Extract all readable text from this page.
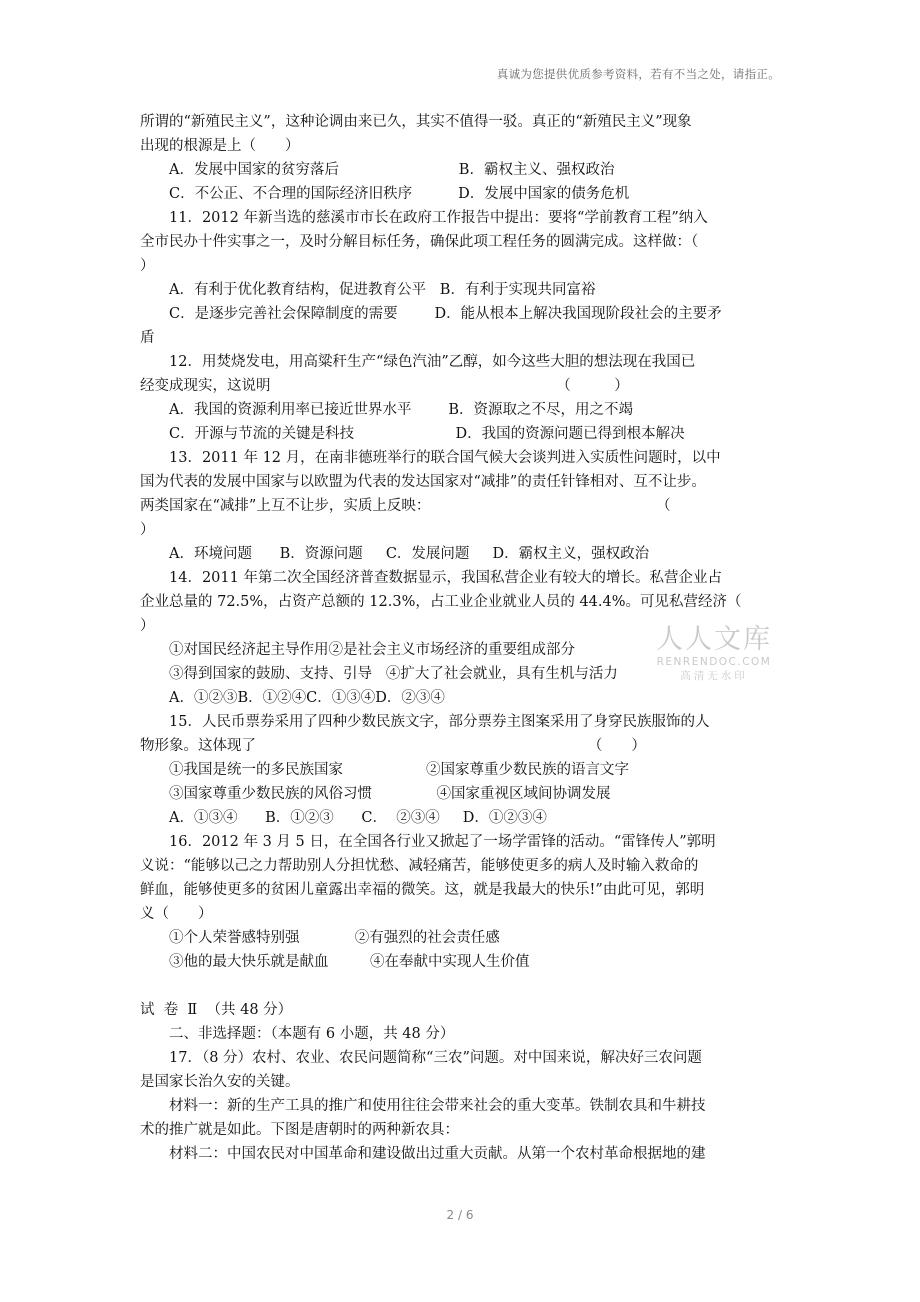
真诚为您提供优质参考资料，若有不当之处，请指正。
所谓的“新殖民主义”，这种论调由来已久，其实不值得一驳。真正的“新殖民主义”现象
出现的根源是上（　　）
A．发展中国家的贫穷落后                          B．霸权主义、强权政治
C．不公正、不合理的国际经济旧秩序          D．发展中国家的债务危机
11．2012 年新当选的慈溪市市长在政府工作报告中提出：要将“学前教育工程”纳入
全市民办十件实事之一，及时分解目标任务，确保此项工程任务的圆满完成。这样做：（
）
A．有利于优化教育结构，促进教育公平   B．有利于实现共同富裕
C．是逐步完善社会保障制度的需要        D．能从根本上解决我国现阶段社会的主要矛
盾
12．用焚烧发电，用高粱秆生产“绿色汽油”乙醇，如今这些大胆的想法现在我国已
经变成现实，这说明                                                              （　　　）
A．我国的资源利用率已接近世界水平        B．资源取之不尽，用之不竭
C．开源与节流的关键是科技                      D．我国的资源问题已得到根本解决
13．2011 年 12 月，在南非德班举行的联合国气候大会谈判进入实质性问题时，以中
国为代表的发展中国家与以欧盟为代表的发达国家对“减排”的责任针锋相对、互不让步。
两类国家在“减排”上互不让步，实质上反映：                                                 （
）
A．环境问题      B．资源问题     C．发展问题     D．霸权主义，强权政治
14．2011 年第二次全国经济普查数据显示，我国私营企业有较大的增长。私营企业占
企业总量的 72.5%，占资产总额的 12.3%，占工业企业就业人员的 44.4%。可见私营经济（
）
①对国民经济起主导作用②是社会主义市场经济的重要组成部分
③得到国家的鼓励、支持、引导   ④扩大了社会就业，具有生机与活力
A．①②③B．①②④C．①③④D．②③④
15．人民币票券采用了四种少数民族文字，部分票券主图案采用了身穿民族服饰的人
物形象。这体现了                                                                        （　　）
①我国是统一的多民族国家                  ②国家尊重少数民族的语言文字
③国家尊重少数民族的风俗习惯              ④国家重视区域间协调发展
A．①③④      B．①②③      C．  ②③④     D．①②③④
16．2012 年 3 月 5 日，在全国各行业又掀起了一场学雷锋的活动。“雷锋传人”郭明
义说：“能够以己之力帮助别人分担忧愁、减轻痛苦，能够使更多的病人及时输入救命的
鲜血，能够使更多的贫困儿童露出幸福的微笑。这，就是我最大的快乐!”由此可见，郭明
义（　　）
①个人荣誉感特别强            ②有强烈的社会责任感
③他的最大快乐就是献血         ④在奉献中实现人生价值
试  卷  Ⅱ  （共 48 分）
二、非选择题：（本题有 6 小题，共 48 分）
17．（8 分）农村、农业、农民问题简称“三农”问题。对中国来说，解决好三农问题
是国家长治久安的关键。
材料一：新的生产工具的推广和使用往往会带来社会的重大变革。铁制农具和牛耕技
术的推广就是如此。下图是唐朝时的两种新农具：
材料二：中国农民对中国革命和建设做出过重大贡献。从第一个农村革命根据地的建
人人文库
RENRENDOC.COM
高清无水印
2 / 6
